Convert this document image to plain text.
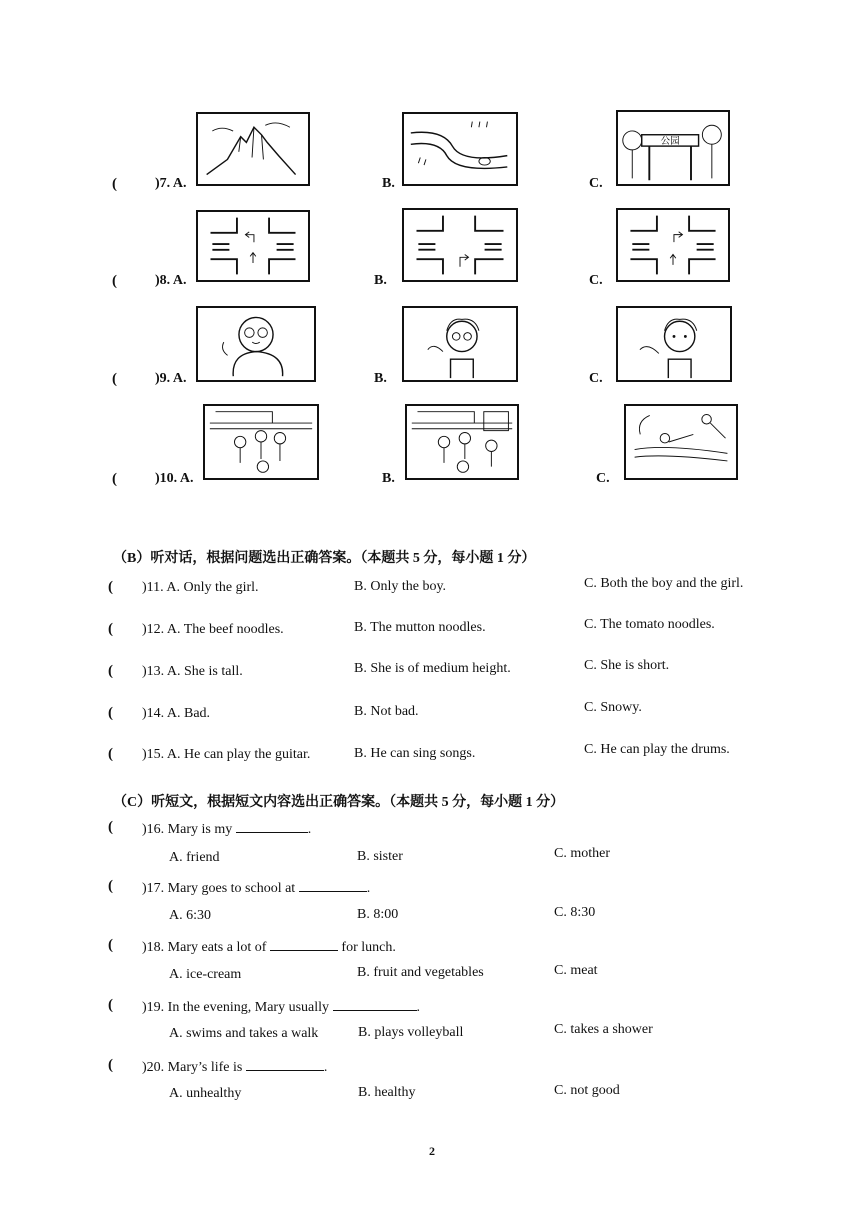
(	)7. A.	B.	C.
公园
(	)8. A.	B.	C.
(	)9. A.	B.	C.
(	)10. A.	B.	C.
（B）听对话，根据问题选出正确答案。（本题共 5 分，每小题 1 分）
( )11. A. Only the girl.	B. Only the boy.	C. Both the boy and the girl.
( )12. A. The beef noodles.	B. The mutton noodles.	C. The tomato noodles.
( )13. A. She is tall.	B. She is of medium height.	C. She is short.
( )14. A. Bad.	B. Not bad.	C. Snowy.
( )15. A. He can play the guitar.	B. He can sing songs.	C. He can play the drums.
（C）听短文，根据短文内容选出正确答案。（本题共 5 分，每小题 1 分）
( )16. Mary is my	.
A. friend	B. sister	C. mother
( )17. Mary goes to school at	.
A. 6:30	B. 8:00	C. 8:30
( )18. Mary eats a lot of	for lunch.
A. ice-cream	B. fruit and vegetables	C. meat
( )19. In the evening, Mary usually	.
A. swims and takes a walk	B. plays volleyball	C. takes a shower
( )20. Mary’s life is	.
A. unhealthy	B. healthy	C. not good
2
